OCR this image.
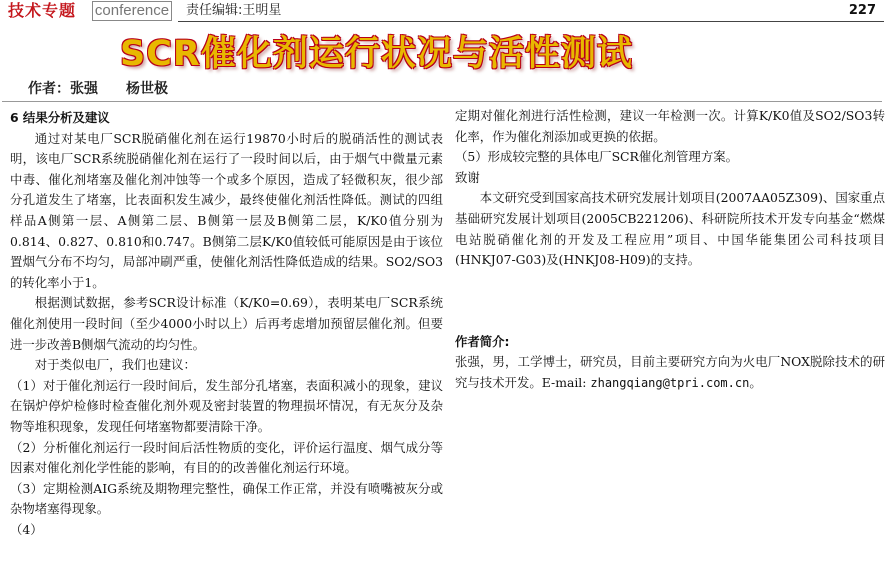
技术专题 conference 责任编辑:王明星	227
SCR催化剂运行状况与活性测试
作者：张强 杨世极

6 结果分析及建议

通过对某电厂SCR脱硝催化剂在运行19870小时后的脱硝活性的测试表明，该电厂SCR系统脱硝催化剂在运行了一段时间以后，由于烟气中微量元素中毒、催化剂堵塞及催化剂冲蚀等一个或多个原因，造成了轻微积灰，很少部分孔道发生了堵塞，比表面积发生减少，最终使催化剂活性降低。测试的四组样品A侧第一层、A侧第二层、B侧第一层及B侧第二层，K/K0值分别为0.814、0.827、0.810和0.747。B侧第二层K/K0值较低可能原因是由于该位置烟气分布不均匀，局部冲刷严重，使催化剂活性降低造成的结果。SO2/SO3的转化率小于1。

根据测试数据，参考SCR设计标准（K/K0=0.69），表明某电厂SCR系统催化剂使用一段时间（至少4000小时以上）后再考虑增加预留层催化剂。但要进一步改善B侧烟气流动的均匀性。

对于类似电厂，我们也建议：

（1）对于催化剂运行一段时间后，发生部分孔堵塞，表面积减小的现象，建议在锅炉停炉检修时检查催化剂外观及密封装置的物理损坏情况，有无灰分及杂物等堆积现象，发现任何堵塞物都要清除干净。

（2）分析催化剂运行一段时间后活性物质的变化，评价运行温度、烟气成分等因素对催化剂化学性能的影响，有目的的改善催化剂运行环境。

（3）定期检测AIG系统及期物理完整性，确保工作正常，并没有喷嘴被灰分或杂物堵塞得现象。

（4）

定期对催化剂进行活性检测，建议一年检测一次。计算K/K0值及SO2/SO3转化率，作为催化剂添加或更换的依据。

（5）形成较完整的具体电厂SCR催化剂管理方案。

致谢

本文研究受到国家高技术研究发展计划项目(2007AA05Z309)、国家重点基础研究发展计划项目(2005CB221206)、科研院所技术开发专向基金“燃煤电站脱硝催化剂的开发及工程应用”项目、中国华能集团公司科技项目(HNKJ07-G03)及(HNKJ08-H09)的支持。

作者简介:

张强，男，工学博士，研究员，目前主要研究方向为火电厂NOX脱除技术的研究与技术开发。E-mail: zhangqiang@tpri.com.cn。
